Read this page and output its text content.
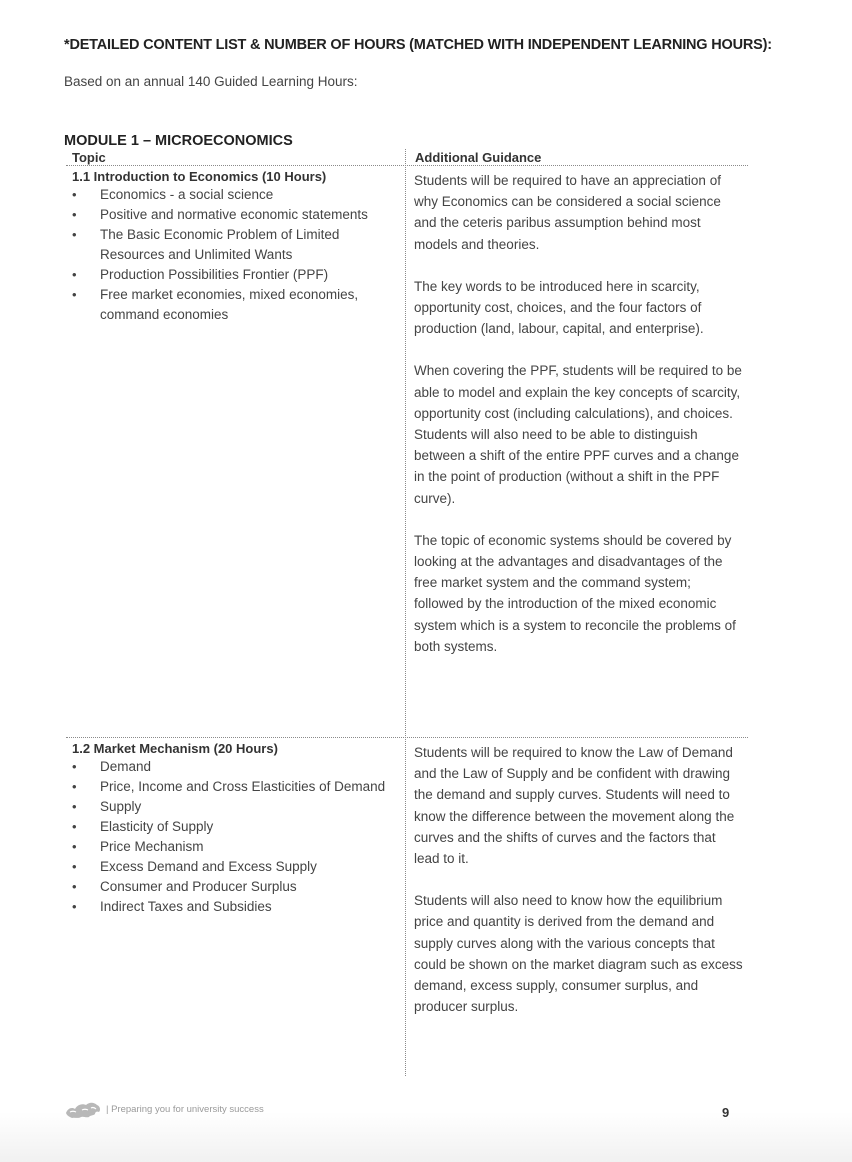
*DETAILED CONTENT LIST & NUMBER OF HOURS (MATCHED WITH INDEPENDENT LEARNING HOURS):
Based on an annual 140 Guided Learning Hours:
MODULE 1 – MICROECONOMICS
Topic	Additional Guidance
1.1 Introduction to Economics (10 Hours)
• Economics - a social science
• Positive and normative economic statements
• The Basic Economic Problem of Limited Resources and Unlimited Wants
• Production Possibilities Frontier (PPF)
• Free market economies, mixed economies, command economies

Students will be required to have an appreciation of why Economics can be considered a social science and the ceteris paribus assumption behind most models and theories.

The key words to be introduced here in scarcity, opportunity cost, choices, and the four factors of production (land, labour, capital, and enterprise).

When covering the PPF, students will be required to be able to model and explain the key concepts of scarcity, opportunity cost (including calculations), and choices. Students will also need to be able to distinguish between a shift of the entire PPF curves and a change in the point of production (without a shift in the PPF curve).

The topic of economic systems should be covered by looking at the advantages and disadvantages of the free market system and the command system; followed by the introduction of the mixed economic system which is a system to reconcile the problems of both systems.

1.2 Market Mechanism (20 Hours)
• Demand
• Price, Income and Cross Elasticities of Demand
• Supply
• Elasticity of Supply
• Price Mechanism
• Excess Demand and Excess Supply
• Consumer and Producer Surplus
• Indirect Taxes and Subsidies

Students will be required to know the Law of Demand and the Law of Supply and be confident with drawing the demand and supply curves. Students will need to know the difference between the movement along the curves and the shifts of curves and the factors that lead to it.

Students will also need to know how the equilibrium price and quantity is derived from the demand and supply curves along with the various concepts that could be shown on the market diagram such as excess demand, excess supply, consumer surplus, and producer surplus.

| Preparing you for university success	9
